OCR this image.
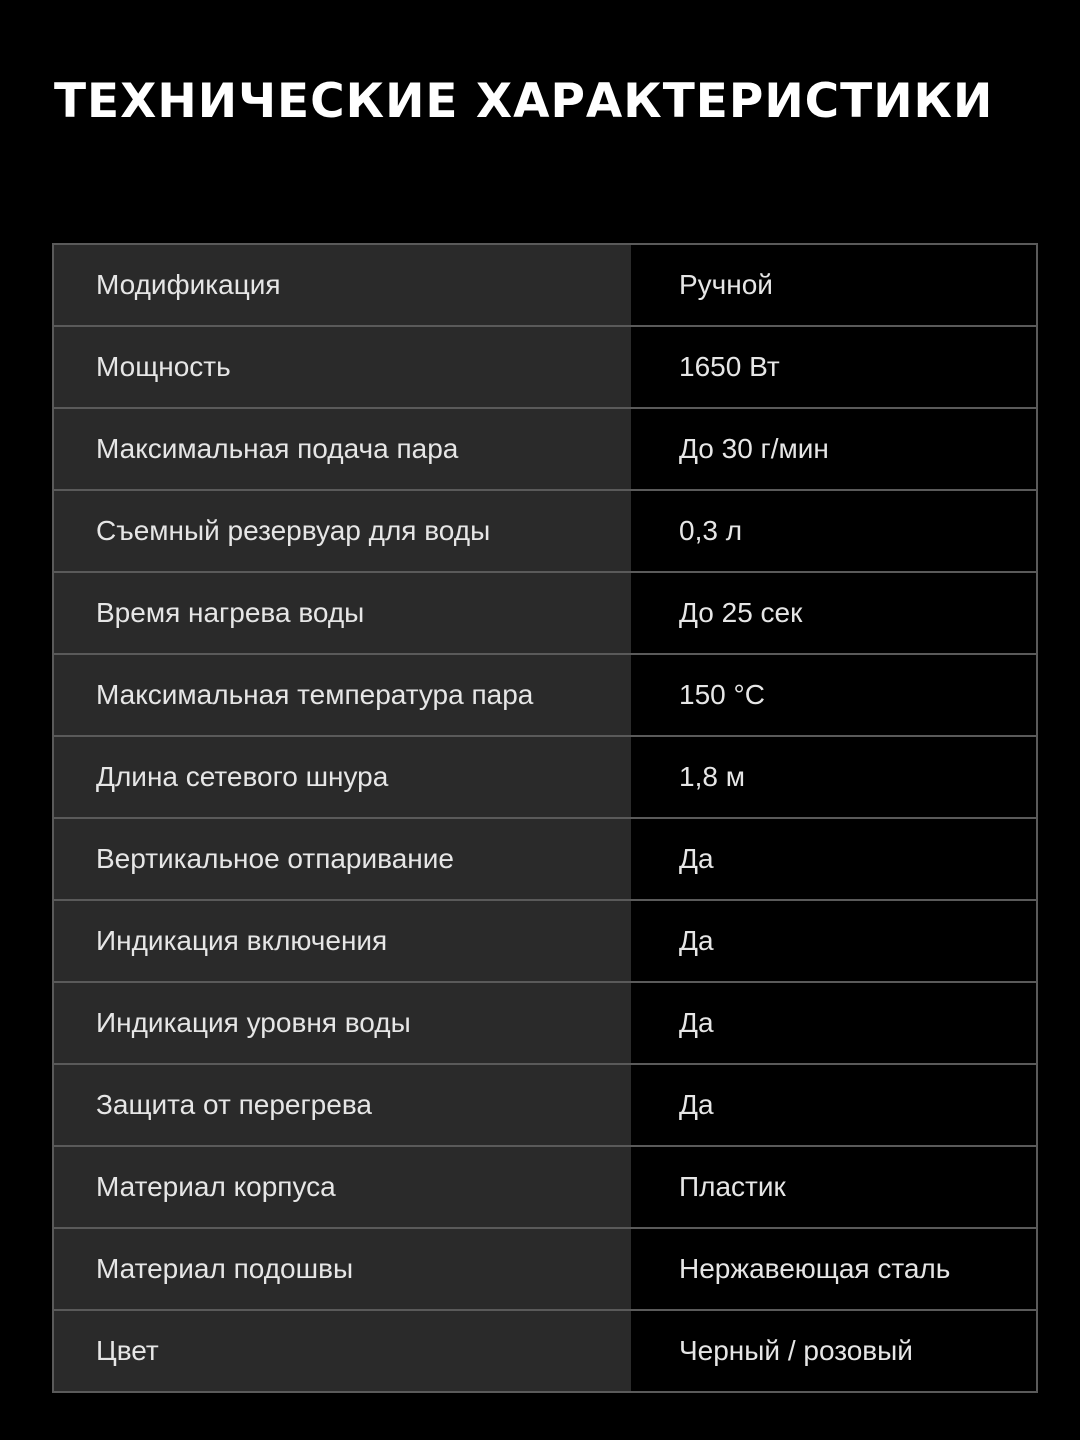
ТЕХНИЧЕСКИЕ ХАРАКТЕРИСТИКИ
Модификация	Ручной
Мощность	1650 Вт
Максимальная подача пара	До 30 г/мин
Съемный резервуар для воды	0,3 л
Время нагрева воды	До 25 сек
Максимальная температура пара	150 °С
Длина сетевого шнура	1,8 м
Вертикальное отпаривание	Да
Индикация включения	Да
Индикация уровня воды	Да
Защита от перегрева	Да
Материал корпуса	Пластик
Материал подошвы	Нержавеющая сталь
Цвет	Черный / розовый
